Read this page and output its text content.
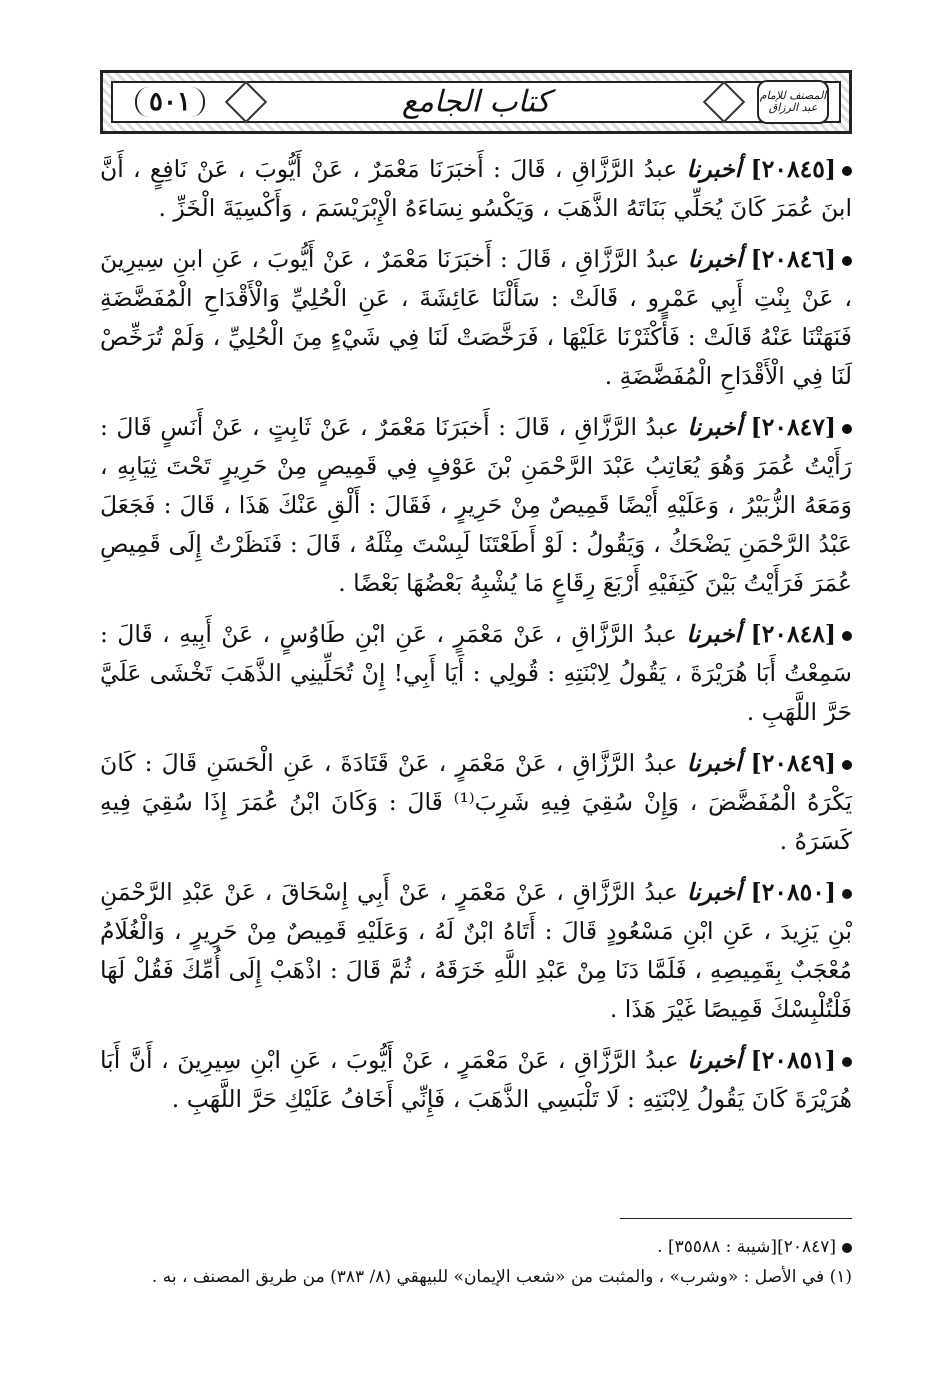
٥٠١	كتاب الجامع	المصنف للإمام عبد الرزاق

[٢٠٨٤٥] أخبرنا عبدُ الرَّزَّاقِ ، قَالَ : أَخبَرَنَا مَعْمَرٌ ، عَنْ أَيُّوبَ ، عَنْ نَافِعٍ ، أَنَّ ابنَ عُمَرَ كَانَ يُحَلِّي بَنَاتَهُ الذَّهَبَ ، وَيَكْسُو نِسَاءَهُ الْإِبْرَيْسَمَ ، وَأَكْسِيَةَ الْخَزِّ .

[٢٠٨٤٦] أخبرنا عبدُ الرَّزَّاقِ ، قَالَ : أَخبَرَنَا مَعْمَرٌ ، عَنْ أَيُّوبَ ، عَنِ ابنِ سِيرِينَ ، عَنْ بِنْتِ أَبِي عَمْرٍو ، قَالَتْ : سَأَلْنَا عَائِشَةَ ، عَنِ الْحُلِيِّ وَالْأَقْدَاحِ الْمُفَضَّضَةِ فَنَهَتْنَا عَنْهُ قَالَتْ : فَأَكْثَرْنَا عَلَيْهَا ، فَرَخَّصَتْ لَنَا فِي شَيْءٍ مِنَ الْحُلِيِّ ، وَلَمْ تُرَخِّصْ لَنَا فِي الْأَقْدَاحِ الْمُفَضَّضَةِ .

[٢٠٨٤٧] أخبرنا عبدُ الرَّزَّاقِ ، قَالَ : أَخبَرَنَا مَعْمَرٌ ، عَنْ ثَابِتٍ ، عَنْ أَنَسٍ قَالَ : رَأَيْتُ عُمَرَ وَهُوَ يُعَاتِبُ عَبْدَ الرَّحْمَنِ بْنَ عَوْفٍ فِي قَمِيصٍ مِنْ حَرِيرٍ تَحْتَ ثِيَابِهِ ، وَمَعَهُ الزُّبَيْرُ ، وَعَلَيْهِ أَيْضًا قَمِيصٌ مِنْ حَرِيرٍ ، فَقَالَ : أَلْقِ عَنْكَ هَذَا ، قَالَ : فَجَعَلَ عَبْدُ الرَّحْمَنِ يَضْحَكُ ، وَيَقُولُ : لَوْ أَطَعْتَنَا لَبِسْتَ مِثْلَهُ ، قَالَ : فَنَظَرْتُ إِلَى قَمِيصِ عُمَرَ فَرَأَيْتُ بَيْنَ كَتِفَيْهِ أَرْبَعَ رِقَاعٍ مَا يُشْبِهُ بَعْضُهَا بَعْضًا .

[٢٠٨٤٨] أخبرنا عبدُ الرَّزَّاقِ ، عَنْ مَعْمَرٍ ، عَنِ ابْنِ طَاوُسٍ ، عَنْ أَبِيهِ ، قَالَ : سَمِعْتُ أَبَا هُرَيْرَةَ ، يَقُولُ لِابْنَتِهِ : قُولِي : أَيَا أَبِي! إِنْ تُحَلِّينِي الذَّهَبَ تَخْشَى عَلَيَّ حَرَّ اللَّهَبِ .

[٢٠٨٤٩] أخبرنا عبدُ الرَّزَّاقِ ، عَنْ مَعْمَرٍ ، عَنْ قَتَادَةَ ، عَنِ الْحَسَنِ قَالَ : كَانَ يَكْرَهُ الْمُفَضَّضَ ، وَإِنْ سُقِيَ فِيهِ شَرِبَ⁽¹⁾ قَالَ : وَكَانَ ابْنُ عُمَرَ إِذَا سُقِيَ فِيهِ كَسَرَهُ .

[٢٠٨٥٠] أخبرنا عبدُ الرَّزَّاقِ ، عَنْ مَعْمَرٍ ، عَنْ أَبِي إِسْحَاقَ ، عَنْ عَبْدِ الرَّحْمَنِ بْنِ يَزِيدَ ، عَنِ ابْنِ مَسْعُودٍ قَالَ : أَتَاهُ ابْنٌ لَهُ ، وَعَلَيْهِ قَمِيصٌ مِنْ حَرِيرٍ ، وَالْغُلَامُ مُعْجَبٌ بِقَمِيصِهِ ، فَلَمَّا دَنَا مِنْ عَبْدِ اللَّهِ خَرَقَهُ ، ثُمَّ قَالَ : اذْهَبْ إِلَى أُمِّكَ فَقُلْ لَهَا فَلْتُلْبِسْكَ قَمِيصًا غَيْرَ هَذَا .

[٢٠٨٥١] أخبرنا عبدُ الرَّزَّاقِ ، عَنْ مَعْمَرٍ ، عَنْ أَيُّوبَ ، عَنِ ابْنِ سِيرِينَ ، أَنَّ أَبَا هُرَيْرَةَ كَانَ يَقُولُ لِابْنَتِهِ : لَا تَلْبَسِي الذَّهَبَ ، فَإِنِّي أَخَافُ عَلَيْكِ حَرَّ اللَّهَبِ .

[٢٠٨٤٧][شيبة : ٣٥٥٨٨] .
(١) في الأصل : «وشرب» ، والمثبت من «شعب الإيمان» للبيهقي (٨/ ٣٨٣) من طريق المصنف ، به .
